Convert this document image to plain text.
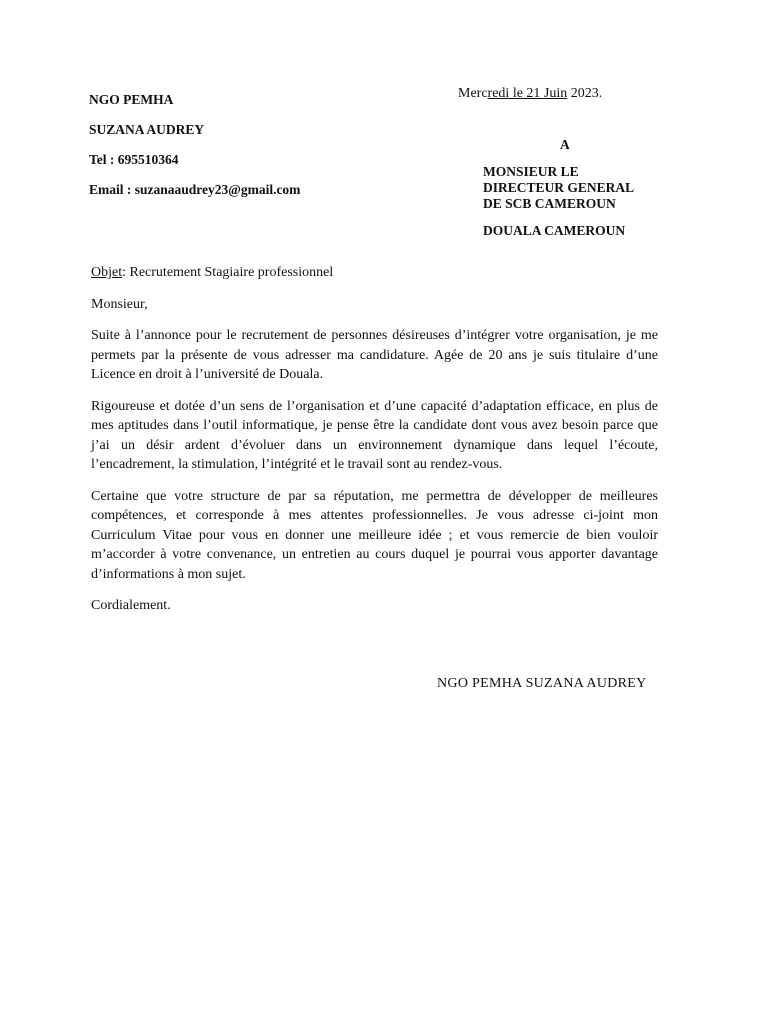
NGO PEMHA
SUZANA AUDREY
Tel : 695510364
Email : suzanaaudrey23@gmail.com
Mercredi le 21 Juin 2023.
A
MONSIEUR LE
DIRECTEUR GENERAL
DE SCB CAMEROUN
DOUALA CAMEROUN

Objet: Recrutement Stagiaire professionnel

Monsieur,

Suite à l’annonce pour le recrutement de personnes désireuses d’intégrer votre organisation, je me permets par la présente de vous adresser ma candidature. Agée de 20 ans je suis titulaire d’une Licence en droit à l’université de Douala.

Rigoureuse et dotée d’un sens de l’organisation et d’une capacité d’adaptation efficace, en plus de mes aptitudes dans l’outil informatique, je pense être la candidate dont vous avez besoin parce que j’ai un désir ardent d’évoluer dans un environnement dynamique dans lequel l’écoute, l’encadrement, la stimulation, l’intégrité et le travail sont au rendez-vous.

Certaine que votre structure de par sa réputation, me permettra de développer de meilleures compétences, et corresponde à mes attentes professionnelles. Je vous adresse ci-joint mon Curriculum Vitae pour vous en donner une meilleure idée ; et vous remercie de bien vouloir m’accorder à votre convenance, un entretien au cours duquel je pourrai vous apporter davantage d’informations à mon sujet.

Cordialement.

NGO PEMHA SUZANA AUDREY
